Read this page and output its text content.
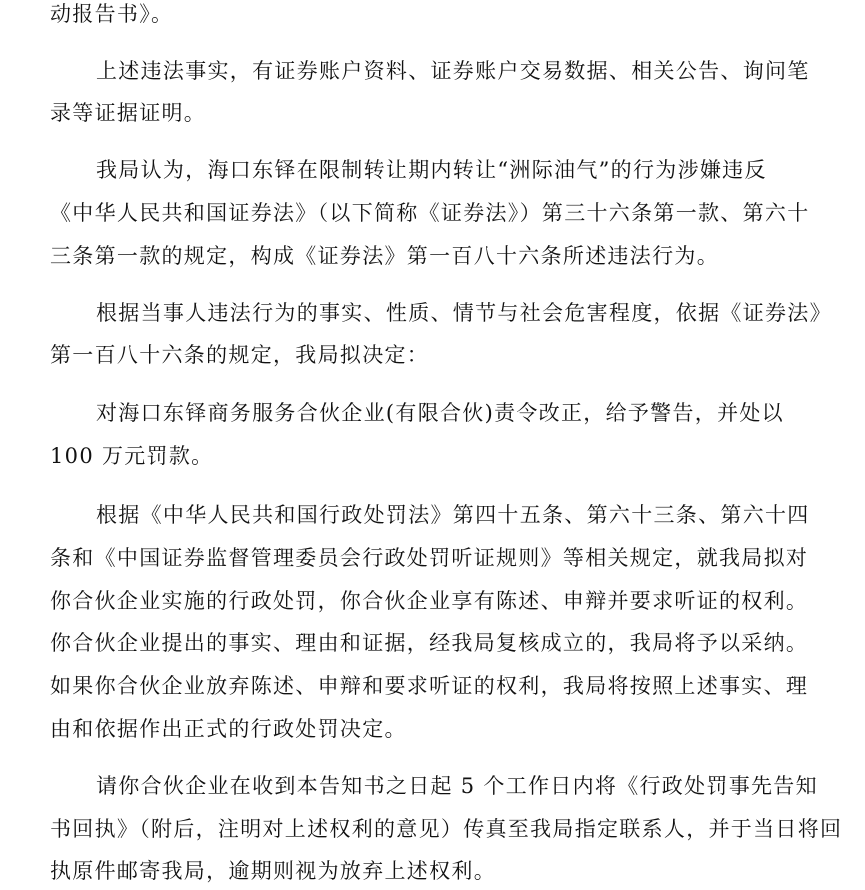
动报告书》。
上述违法事实，有证券账户资料、证券账户交易数据、相关公告、询问笔
录等证据证明。
我局认为，海口东铎在限制转让期内转让“洲际油气”的行为涉嫌违反
《中华人民共和国证券法》（以下简称《证券法》）第三十六条第一款、第六十
三条第一款的规定，构成《证券法》第一百八十六条所述违法行为。
根据当事人违法行为的事实、性质、情节与社会危害程度，依据《证券法》
第一百八十六条的规定，我局拟决定：
对海口东铎商务服务合伙企业(有限合伙)责令改正，给予警告，并处以
100 万元罚款。
根据《中华人民共和国行政处罚法》第四十五条、第六十三条、第六十四
条和《中国证券监督管理委员会行政处罚听证规则》等相关规定，就我局拟对
你合伙企业实施的行政处罚，你合伙企业享有陈述、申辩并要求听证的权利。
你合伙企业提出的事实、理由和证据，经我局复核成立的，我局将予以采纳。
如果你合伙企业放弃陈述、申辩和要求听证的权利，我局将按照上述事实、理
由和依据作出正式的行政处罚决定。
请你合伙企业在收到本告知书之日起 5 个工作日内将《行政处罚事先告知
书回执》（附后，注明对上述权利的意见）传真至我局指定联系人，并于当日将回
执原件邮寄我局，逾期则视为放弃上述权利。
